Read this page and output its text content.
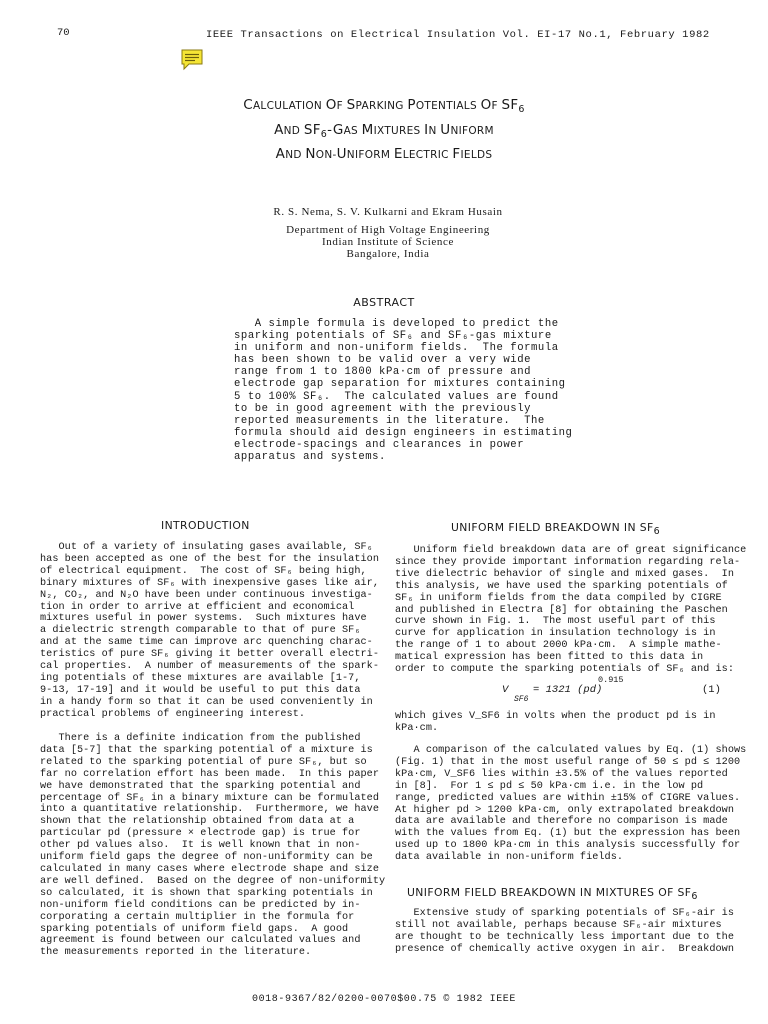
70	IEEE Transactions on Electrical Insulation Vol. EI-17 No.1, February 1982
CALCULATION OF SPARKING POTENTIALS OF $SF_6$
AND $SF_6$-GAS MIXTURES IN UNIFORM
AND NON-UNIFORM ELECTRIC FIELDS
R. S. Nema, S. V. Kulkarni and Ekram Husain
Department of High Voltage Engineering
Indian Institute of Science
Bangalore, India
ABSTRACT
A simple formula is developed to predict the
sparking potentials of SF₆ and SF₆-gas mixture
in uniform and non-uniform fields.  The formula
has been shown to be valid over a very wide
range from 1 to 1800 kPa·cm of pressure and
electrode gap separation for mixtures containing
5 to 100% SF₆.  The calculated values are found
to be in good agreement with the previously
reported measurements in the literature.  The
formula should aid design engineers in estimating
electrode-spacings and clearances in power
apparatus and systems.
INTRODUCTION
Out of a variety of insulating gases available, SF₆
has been accepted as one of the best for the insulation
of electrical equipment.  The cost of SF₆ being high,
binary mixtures of SF₆ with inexpensive gases like air,
N₂, CO₂, and N₂O have been under continuous investiga-
tion in order to arrive at efficient and economical
mixtures useful in power systems.  Such mixtures have
a dielectric strength comparable to that of pure SF₆
and at the same time can improve arc quenching charac-
teristics of pure SF₆ giving it better overall electri-
cal properties.  A number of measurements of the spark-
ing potentials of these mixtures are available [1-7,
9-13, 17-19] and it would be useful to put this data
in a handy form so that it can be used conveniently in
practical problems of engineering interest.
There is a definite indication from the published
data [5-7] that the sparking potential of a mixture is
related to the sparking potential of pure SF₆, but so
far no correlation effort has been made.  In this paper
we have demonstrated that the sparking potential and
percentage of SF₆ in a binary mixture can be formulated
into a quantitative relationship.  Furthermore, we have
shown that the relationship obtained from data at a
particular pd (pressure × electrode gap) is true for
other pd values also.  It is well known that in non-
uniform field gaps the degree of non-uniformity can be
calculated in many cases where electrode shape and size
are well defined.  Based on the degree of non-uniformity
so calculated, it is shown that sparking potentials in
non-uniform field conditions can be predicted by in-
corporating a certain multiplier in the formula for
sparking potentials of uniform field gaps.  A good
agreement is found between our calculated values and
the measurements reported in the literature.
UNIFORM FIELD BREAKDOWN IN $SF_6$
Uniform field breakdown data are of great significance
since they provide important information regarding rela-
tive dielectric behavior of single and mixed gases.  In
this analysis, we have used the sparking potentials of
SF₆ in uniform fields from the data compiled by CIGRE
and published in Electra [8] for obtaining the Paschen
curve shown in Fig. 1.  The most useful part of this
curve for application in insulation technology is in
the range of 1 to about 2000 kPa·cm.  A simple mathe-
matical expression has been fitted to this data in
order to compute the sparking potentials of SF₆ and is:
V
SF6
= 1321 (pd)
0.915
(1)
which gives V_SF6 in volts when the product pd is in
kPa·cm.
A comparison of the calculated values by Eq. (1) shows
(Fig. 1) that in the most useful range of 50 ≤ pd ≤ 1200
kPa·cm, V_SF6 lies within ±3.5% of the values reported
in [8].  For 1 ≤ pd ≤ 50 kPa·cm i.e. in the low pd
range, predicted values are within ±15% of CIGRE values.
At higher pd > 1200 kPa·cm, only extrapolated breakdown
data are available and therefore no comparison is made
with the values from Eq. (1) but the expression has been
used up to 1800 kPa·cm in this analysis successfully for
data available in non-uniform fields.
UNIFORM FIELD BREAKDOWN IN MIXTURES OF $SF_6$
Extensive study of sparking potentials of SF₆-air is
still not available, perhaps because SF₆-air mixtures
are thought to be technically less important due to the
presence of chemically active oxygen in air.  Breakdown
0018-9367/82/0200-0070$00.75 © 1982 IEEE
